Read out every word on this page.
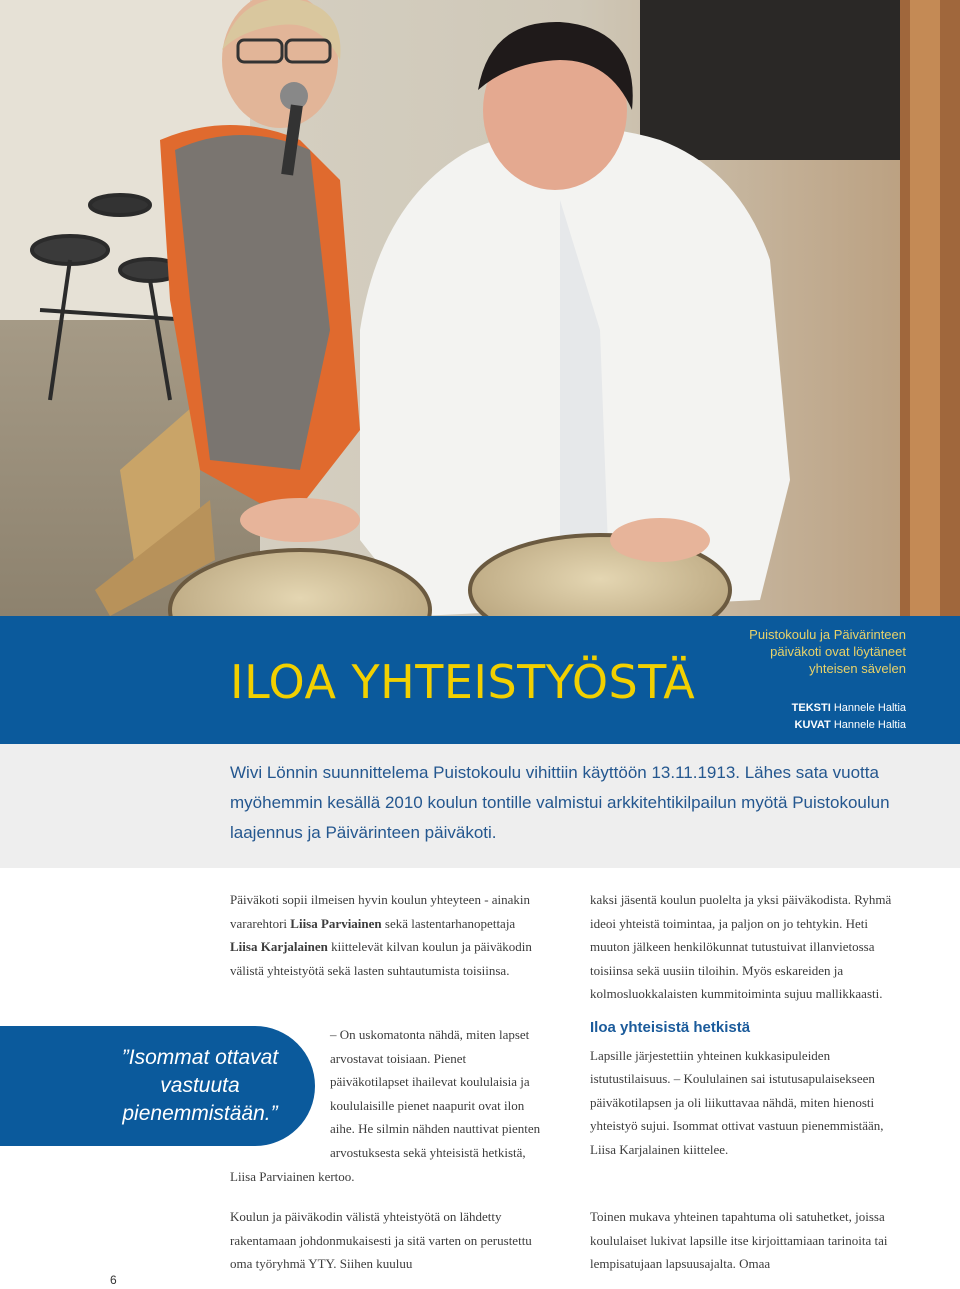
ILOA YHTEISTYÖSTÄ
Puistokoulu ja Päivärinteen
päiväkoti ovat löytäneet
yhteisen sävelen
TEKSTI Hannele Haltia
KUVAT Hannele Haltia

Wivi Lönnin suunnittelema Puistokoulu vihittiin käyttöön 13.11.1913. Lähes sata vuotta myöhemmin kesällä 2010 koulun tontille valmistui arkkitehtikilpailun myötä Puistokoulun laajennus ja Päivärinteen päiväkoti.

Päiväkoti sopii ilmeisen hyvin koulun yhteyteen - ainakin vararehtori Liisa Parviainen sekä lastentarhanopettaja Liisa Karjalainen kiittelevät kilvan koulun ja päiväkodin välistä yhteistyötä sekä lasten suhtautumista toisiinsa.

”Isommat ottavat vastuuta pienemmistään.”

– On uskomatonta nähdä, miten lapset arvostavat toisiaan. Pienet päiväkotilapset ihailevat koululaisia ja koululaisille pienet naapurit ovat ilon aihe. He silmin nähden nauttivat pienten arvostuksesta sekä yhteisistä hetkistä, Liisa Parviainen kertoo.

Koulun ja päiväkodin välistä yhteistyötä on lähdetty rakentamaan johdonmukaisesti ja sitä varten on perustettu oma työryhmä YTY. Siihen kuuluu

kaksi jäsentä koulun puolelta ja yksi päiväkodista. Ryhmä ideoi yhteistä toimintaa, ja paljon on jo tehtykin. Heti muuton jälkeen henkilökunnat tutustuivat illanvietossa toisiinsa sekä uusiin tiloihin. Myös eskareiden ja kolmosluokkalaisten kummitoiminta sujuu mallikkaasti.

Iloa yhteisistä hetkistä

Lapsille järjestettiin yhteinen kukkasipuleiden istutustilaisuus. – Koululainen sai istutusapulaisekseen päiväkotilapsen ja oli liikuttavaa nähdä, miten hienosti yhteistyö sujui. Isommat ottivat vastuun pienemmistään, Liisa Karjalainen kiittelee.

Toinen mukava yhteinen tapahtuma oli satuhetket, joissa koululaiset lukivat lapsille itse kirjoittamiaan tarinoita tai lempisatujaan lapsuusajalta. Omaa

6
